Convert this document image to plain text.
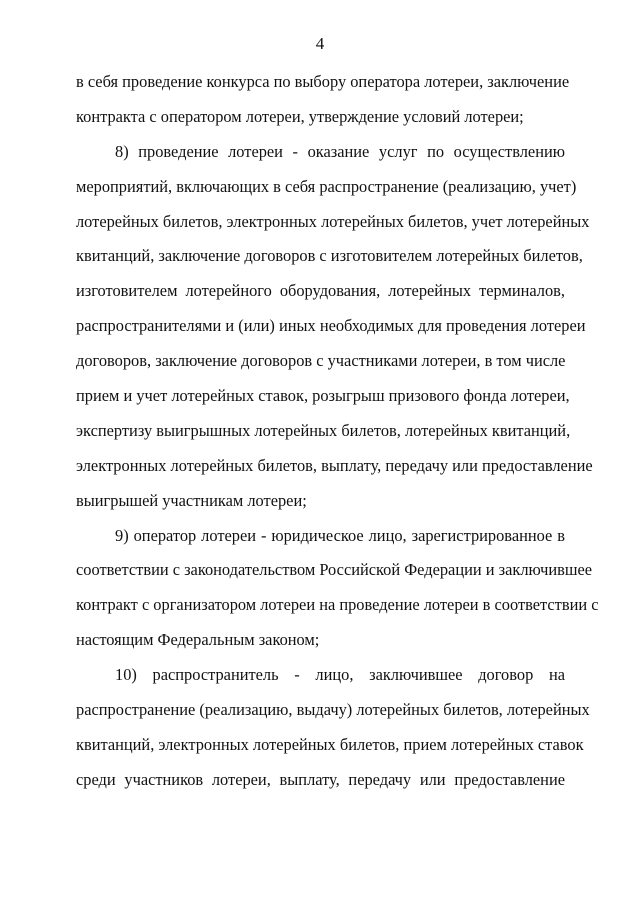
4
в себя проведение конкурса по выбору оператора лотереи, заключение
контракта с оператором лотереи, утверждение условий лотереи;
8) проведение лотереи - оказание услуг по осуществлению
мероприятий, включающих в себя распространение (реализацию, учет)
лотерейных билетов, электронных лотерейных билетов, учет лотерейных
квитанций, заключение договоров с изготовителем лотерейных билетов,
изготовителем лотерейного оборудования, лотерейных терминалов,
распространителями и (или) иных необходимых для проведения лотереи
договоров, заключение договоров с участниками лотереи, в том числе
прием и учет лотерейных ставок, розыгрыш призового фонда лотереи,
экспертизу выигрышных лотерейных билетов, лотерейных квитанций,
электронных лотерейных билетов, выплату, передачу или предоставление
выигрышей участникам лотереи;
9) оператор лотереи - юридическое лицо, зарегистрированное в
соответствии с законодательством Российской Федерации и заключившее
контракт с организатором лотереи на проведение лотереи в соответствии с
настоящим Федеральным законом;
10) распространитель - лицо, заключившее договор на
распространение (реализацию, выдачу) лотерейных билетов, лотерейных
квитанций, электронных лотерейных билетов, прием лотерейных ставок
среди участников лотереи, выплату, передачу или предоставление
